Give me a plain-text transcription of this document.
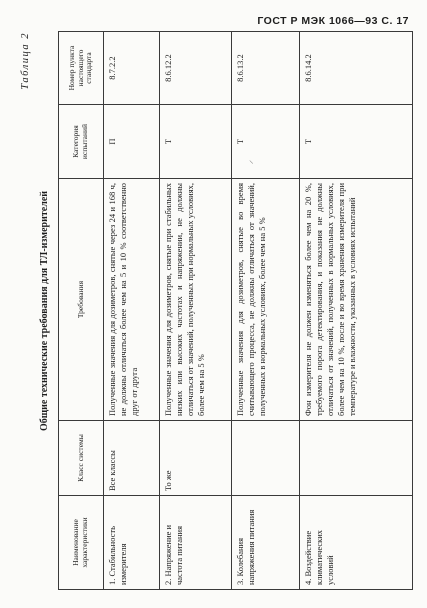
ГОСТ Р МЭК 1066—93 С. 17
⸜

Таблица 2

Общие технические требования для ТЛ-измерителей

Наименование характеристики	Класс системы	Требования	Категория испытаний	Номер пункта настоящего стандарта
1. Стабильность измерителя	Все классы	Полученные значения для дозиметров, снятые через 24 и 168 ч, не должны отличаться более чем на 5 и 10 % соответственно друг от друга	П	8.7.2.2
2. Напряжение и частота питания	То же	Полученные значения для дозиметров, снятые при стабильных низких или высоких частотах и напряжении, не должны отличаться от значений, полученных при нормальных условиях, более чем на 5 %	Т	8.6.12.2
3. Колебания напряжения питания		Полученные значения для дозиметров, снятые во время считывающего процесса, не должны отличаться от значений, полученных в нормальных условиях, более чем на 5 %	Т	8.6.13.2
4. Воздействие климатических условий		Фон измерителя не должен изменяться более чем на 20 %, требуемого порога детектирования, и показания не должны отличаться от значений, полученных в нормальных условиях, более чем на 10 %, после и во время хранения измерителя при температуре и влажности, указанных в условиях испытаний	Т	8.6.14.2
